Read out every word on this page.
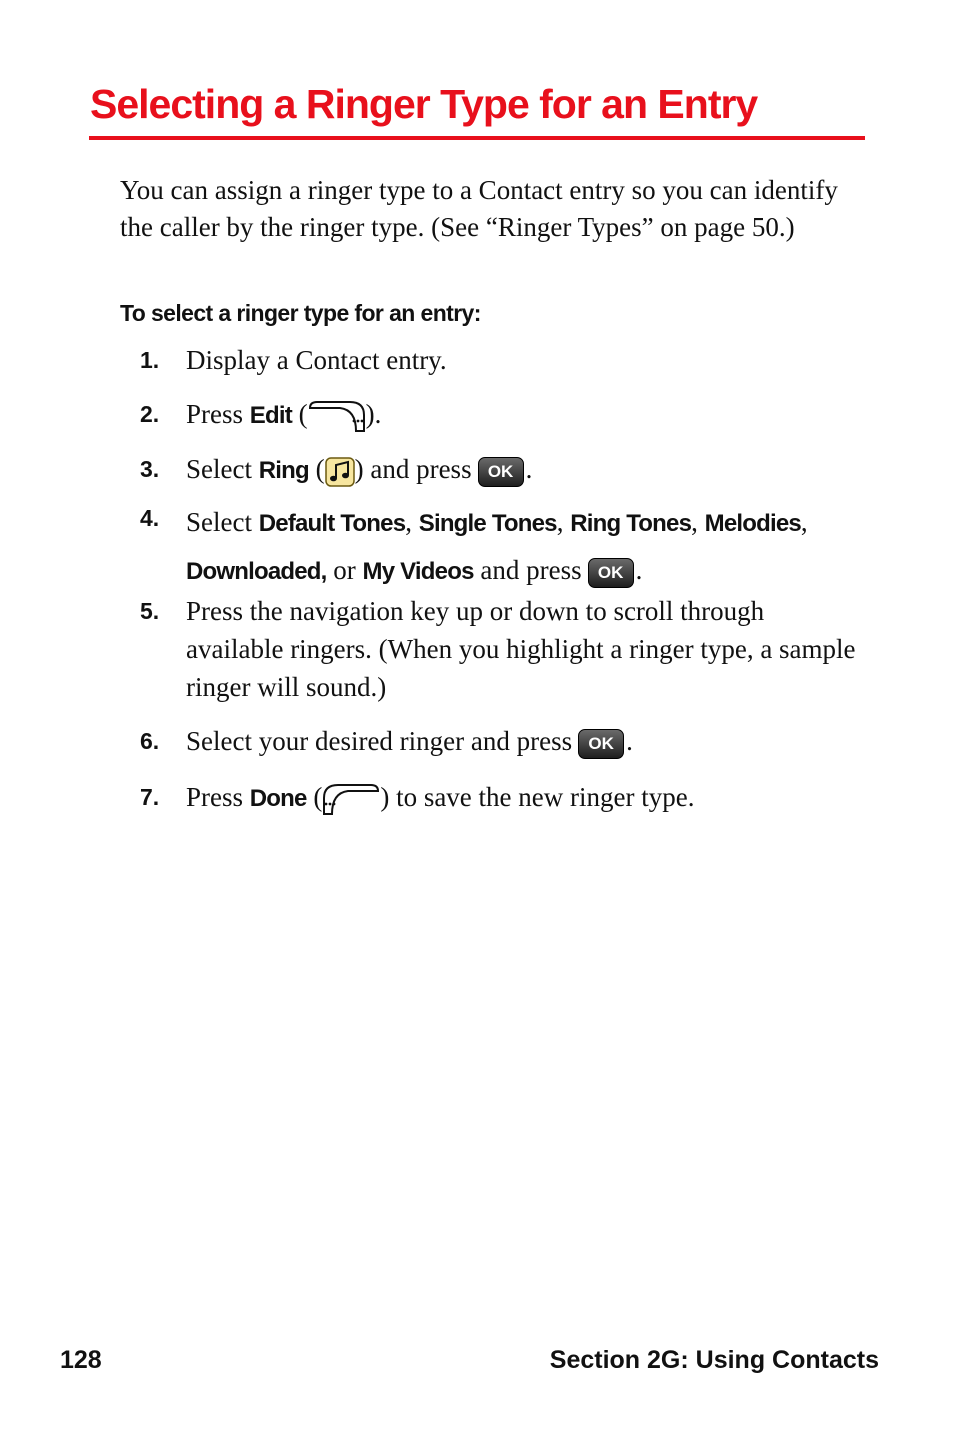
Selecting a Ringer Type for an Entry

You can assign a ringer type to a Contact entry so you can identify the caller by the ringer type. (See “Ringer Types” on page 50.)

To select a ringer type for an entry:

1. Display a Contact entry.
2. Press Edit ( ).
3. Select Ring ( ) and press OK .
4. Select Default Tones, Single Tones, Ring Tones, Melodies,
Downloaded, or My Videos and press OK .
5. Press the navigation key up or down to scroll through available ringers. (When you highlight a ringer type, a sample ringer will sound.)
6. Select your desired ringer and press OK .
7. Press Done ( ) to save the new ringer type.
128	Section 2G: Using Contacts
